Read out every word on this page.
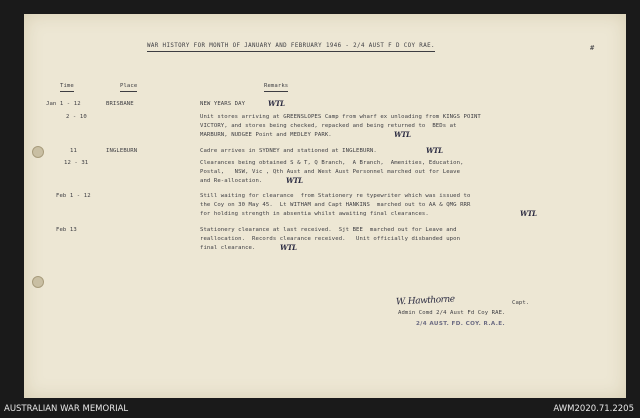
#
WAR HISTORY FOR MONTH OF JANUARY AND FEBRUARY 1946 - 2/4 AUST F D COY RAE.
Time	Place	Remarks
Jan 1 - 12	BRISBANE	NEW YEARS DAY	WTL
2 - 10	Unit stores arriving at GREENSLOPES Camp from wharf ex unloading from KINGS POINT
VICTORY, and stores being checked, repacked and being returned to  BEDs at
MARBURN, NUDGEE Point and MEDLEY PARK.	WTL
11	INGLEBURN	Cadre arrives in SYDNEY and stationed at INGLEBURN.	WTL
12 - 31	Clearances being obtained S & T, Q Branch,  A Branch,  Amenities, Education,
Postal,   NSW, Vic , Qth Aust and West Aust Personnel marched out for Leave
and Re-allocation.	WTL
Feb 1 - 12	Still waiting for clearance  from Stationery re typewriter which was issued to
the Coy on 30 May 45.  Lt WITHAM and Capt HANKINS  marched out to AA & QMG RRR
for holding strength in absentia whilst awaiting final clearances.	WTL
Feb 13	Stationery clearance at last received.  Sjt BEE  marched out for Leave and
reallocation.  Records clearance received.   Unit officially disbanded upon
final clearance.	WTL
W. Hawthorne	Capt.
Admin Comd 2/4 Aust Fd Coy RAE.
2/4 AUST. FD. COY. R.A.E.
AUSTRALIAN WAR MEMORIAL	AWM2020.71.2205
